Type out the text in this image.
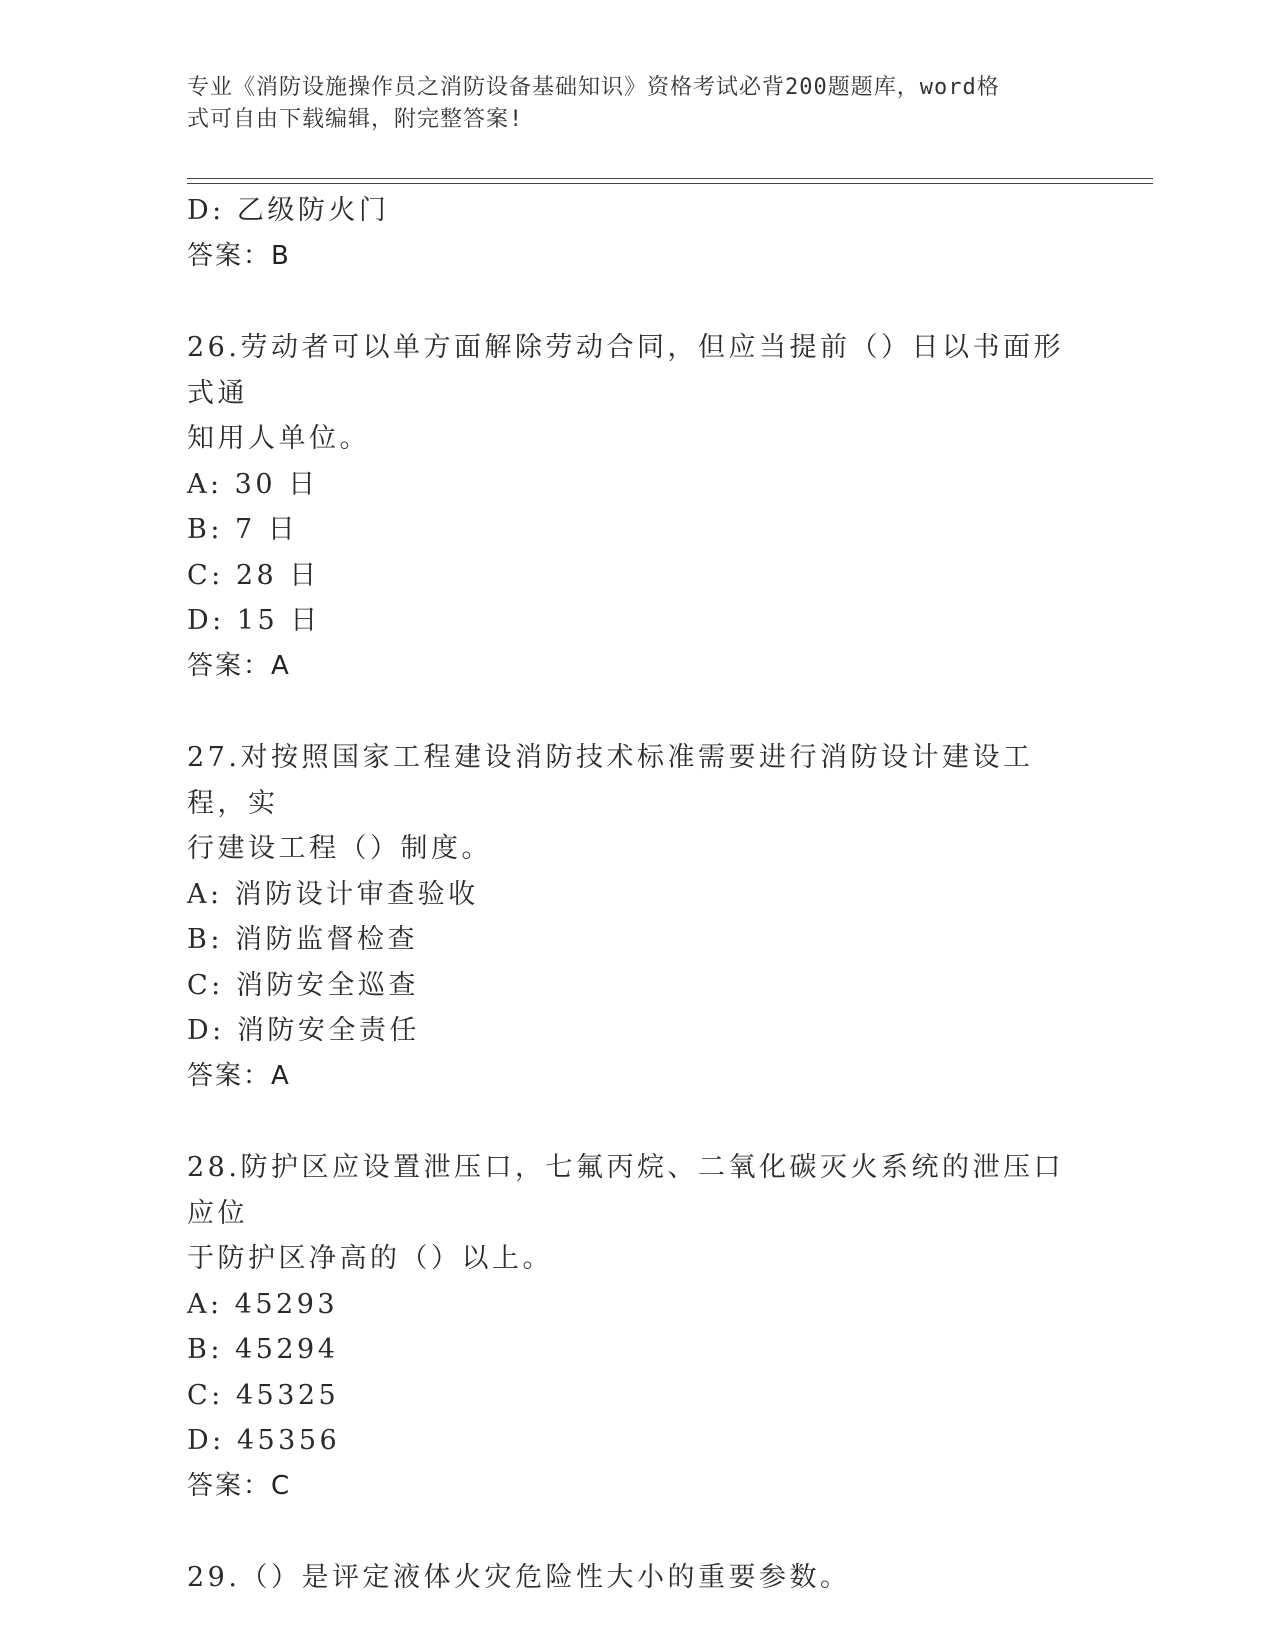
专业《消防设施操作员之消防设备基础知识》资格考试必背200题题库，word格
式可自由下载编辑，附完整答案!
D: 乙级防火门
答案：B
26.劳动者可以单方面解除劳动合同，但应当提前（）日以书面形式通
知用人单位。
A: 30 日
B: 7 日
C: 28 日
D: 15 日
答案：A
27.对按照国家工程建设消防技术标准需要进行消防设计建设工程，实
行建设工程（）制度。
A: 消防设计审查验收
B: 消防监督检查
C: 消防安全巡查
D: 消防安全责任
答案：A
28.防护区应设置泄压口，七氟丙烷、二氧化碳灭火系统的泄压口应位
于防护区净高的（）以上。
A: 45293
B: 45294
C: 45325
D: 45356
答案：C
29.（）是评定液体火灾危险性大小的重要参数。
